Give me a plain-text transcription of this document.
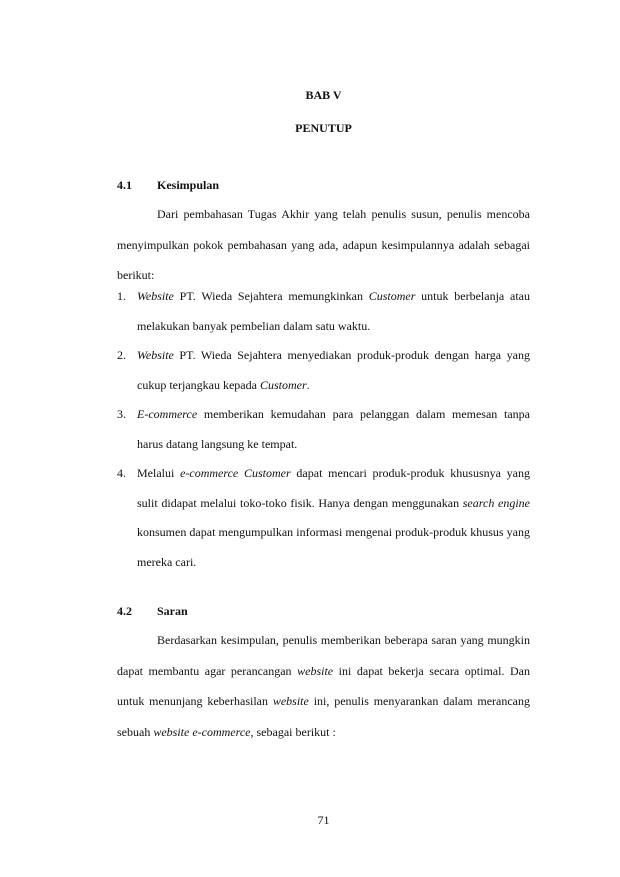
BAB V
PENUTUP
4.1 Kesimpulan

Dari pembahasan Tugas Akhir yang telah penulis susun, penulis mencoba menyimpulkan pokok pembahasan yang ada, adapun kesimpulannya adalah sebagai berikut:

1. Website PT. Wieda Sejahtera memungkinkan Customer untuk berbelanja atau melakukan banyak pembelian dalam satu waktu.
2. Website PT. Wieda Sejahtera menyediakan produk-produk dengan harga yang cukup terjangkau kepada Customer.
3. E-commerce memberikan kemudahan para pelanggan dalam memesan tanpa harus datang langsung ke tempat.
4. Melalui e-commerce Customer dapat mencari produk-produk khususnya yang sulit didapat melalui toko-toko fisik. Hanya dengan menggunakan search engine konsumen dapat mengumpulkan informasi mengenai produk-produk khusus yang mereka cari.
4.2 Saran

Berdasarkan kesimpulan, penulis memberikan beberapa saran yang mungkin dapat membantu agar perancangan website ini dapat bekerja secara optimal. Dan untuk menunjang keberhasilan website ini, penulis menyarankan dalam merancang sebuah website e-commerce, sebagai berikut :

71
